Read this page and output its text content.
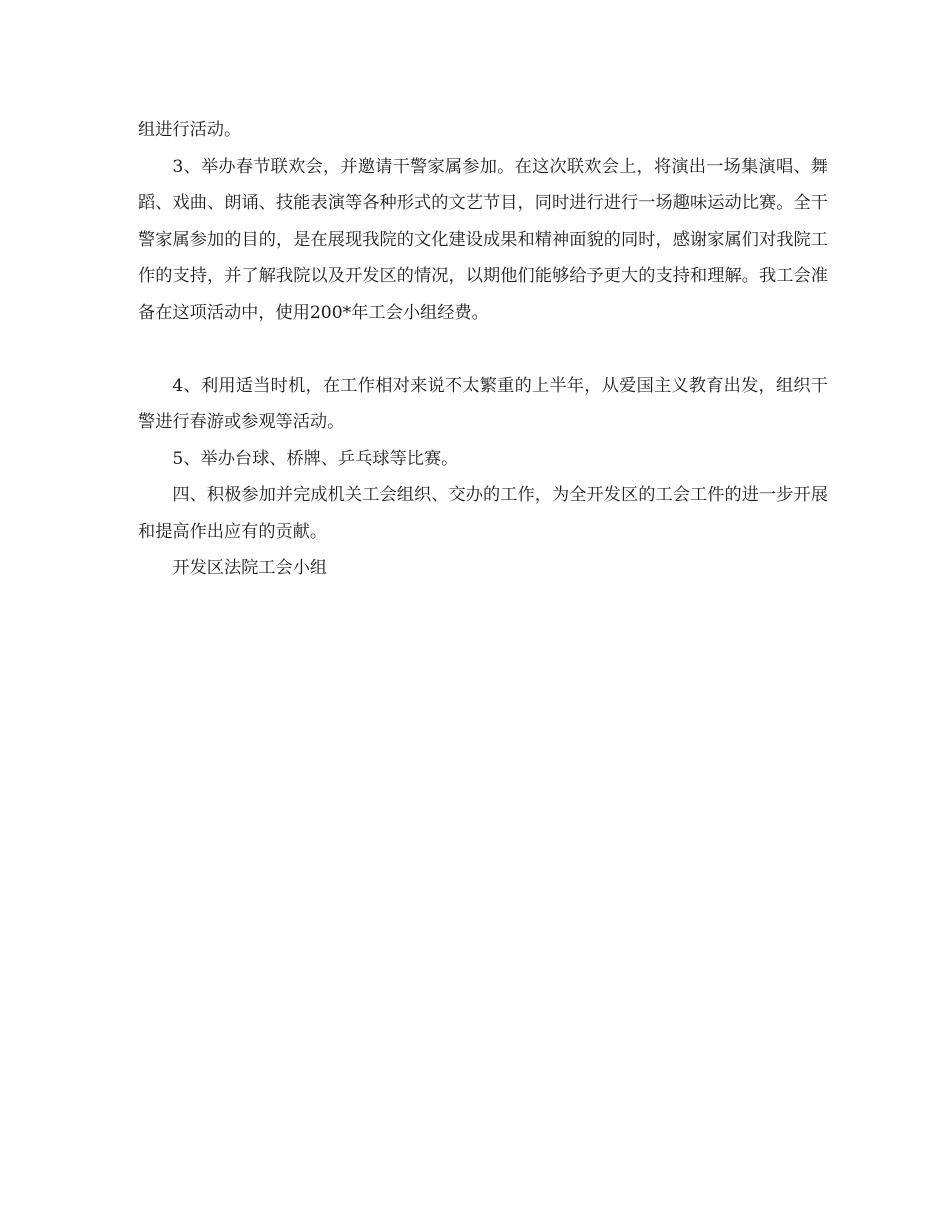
组进行活动。

3、举办春节联欢会，并邀请干警家属参加。在这次联欢会上，将演出一场集演唱、舞蹈、戏曲、朗诵、技能表演等各种形式的文艺节目，同时进行进行一场趣味运动比赛。全干警家属参加的目的，是在展现我院的文化建设成果和精神面貌的同时，感谢家属们对我院工作的支持，并了解我院以及开发区的情况，以期他们能够给予更大的支持和理解。我工会准备在这项活动中，使用200*年工会小组经费。

4、利用适当时机，在工作相对来说不太繁重的上半年，从爱国主义教育出发，组织干警进行春游或参观等活动。

5、举办台球、桥牌、乒乓球等比赛。

四、积极参加并完成机关工会组织、交办的工作，为全开发区的工会工件的进一步开展和提高作出应有的贡献。

开发区法院工会小组
